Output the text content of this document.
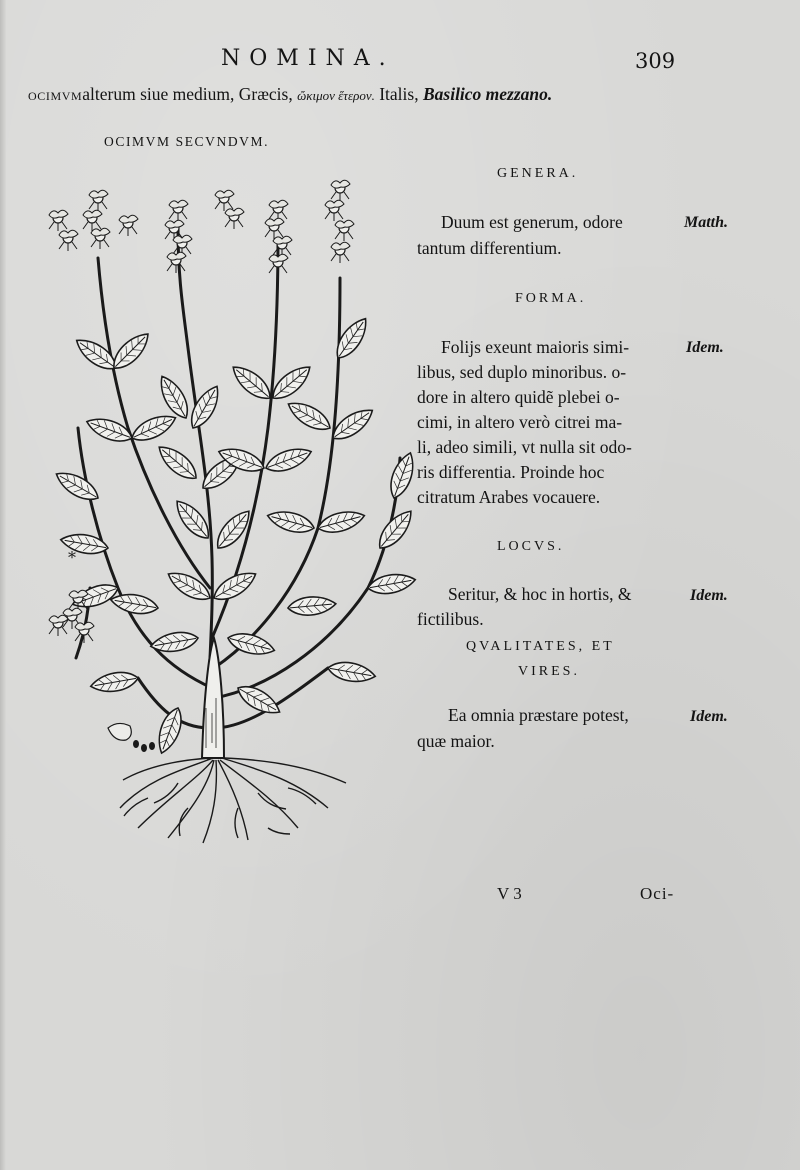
NOMINA.	309
OCIMVMalterum siue medium, Græcis, ὤκιμον ἕτερον. Italis, Basilico mezzano.
OCIMVM SECVNDVM.
*
GENERA.
Duum est generum, odore
tantum differentium.
Matth.
FORMA.
Folijs exeunt maioris simi-
libus, sed duplo minoribus. o-
dore in altero quidẽ plebei o-
cimi, in altero verò citrei ma-
li, adeo simili, vt nulla sit odo-
ris differentia. Proinde hoc
citratum Arabes vocauere.
Idem.
LOCVS.
Seritur, & hoc in hortis, &
fictilibus.
Idem.
QVALITATES, ET
VIRES.
Ea omnia præstare potest,
quæ maior.
Idem.
V 3	Oci-
